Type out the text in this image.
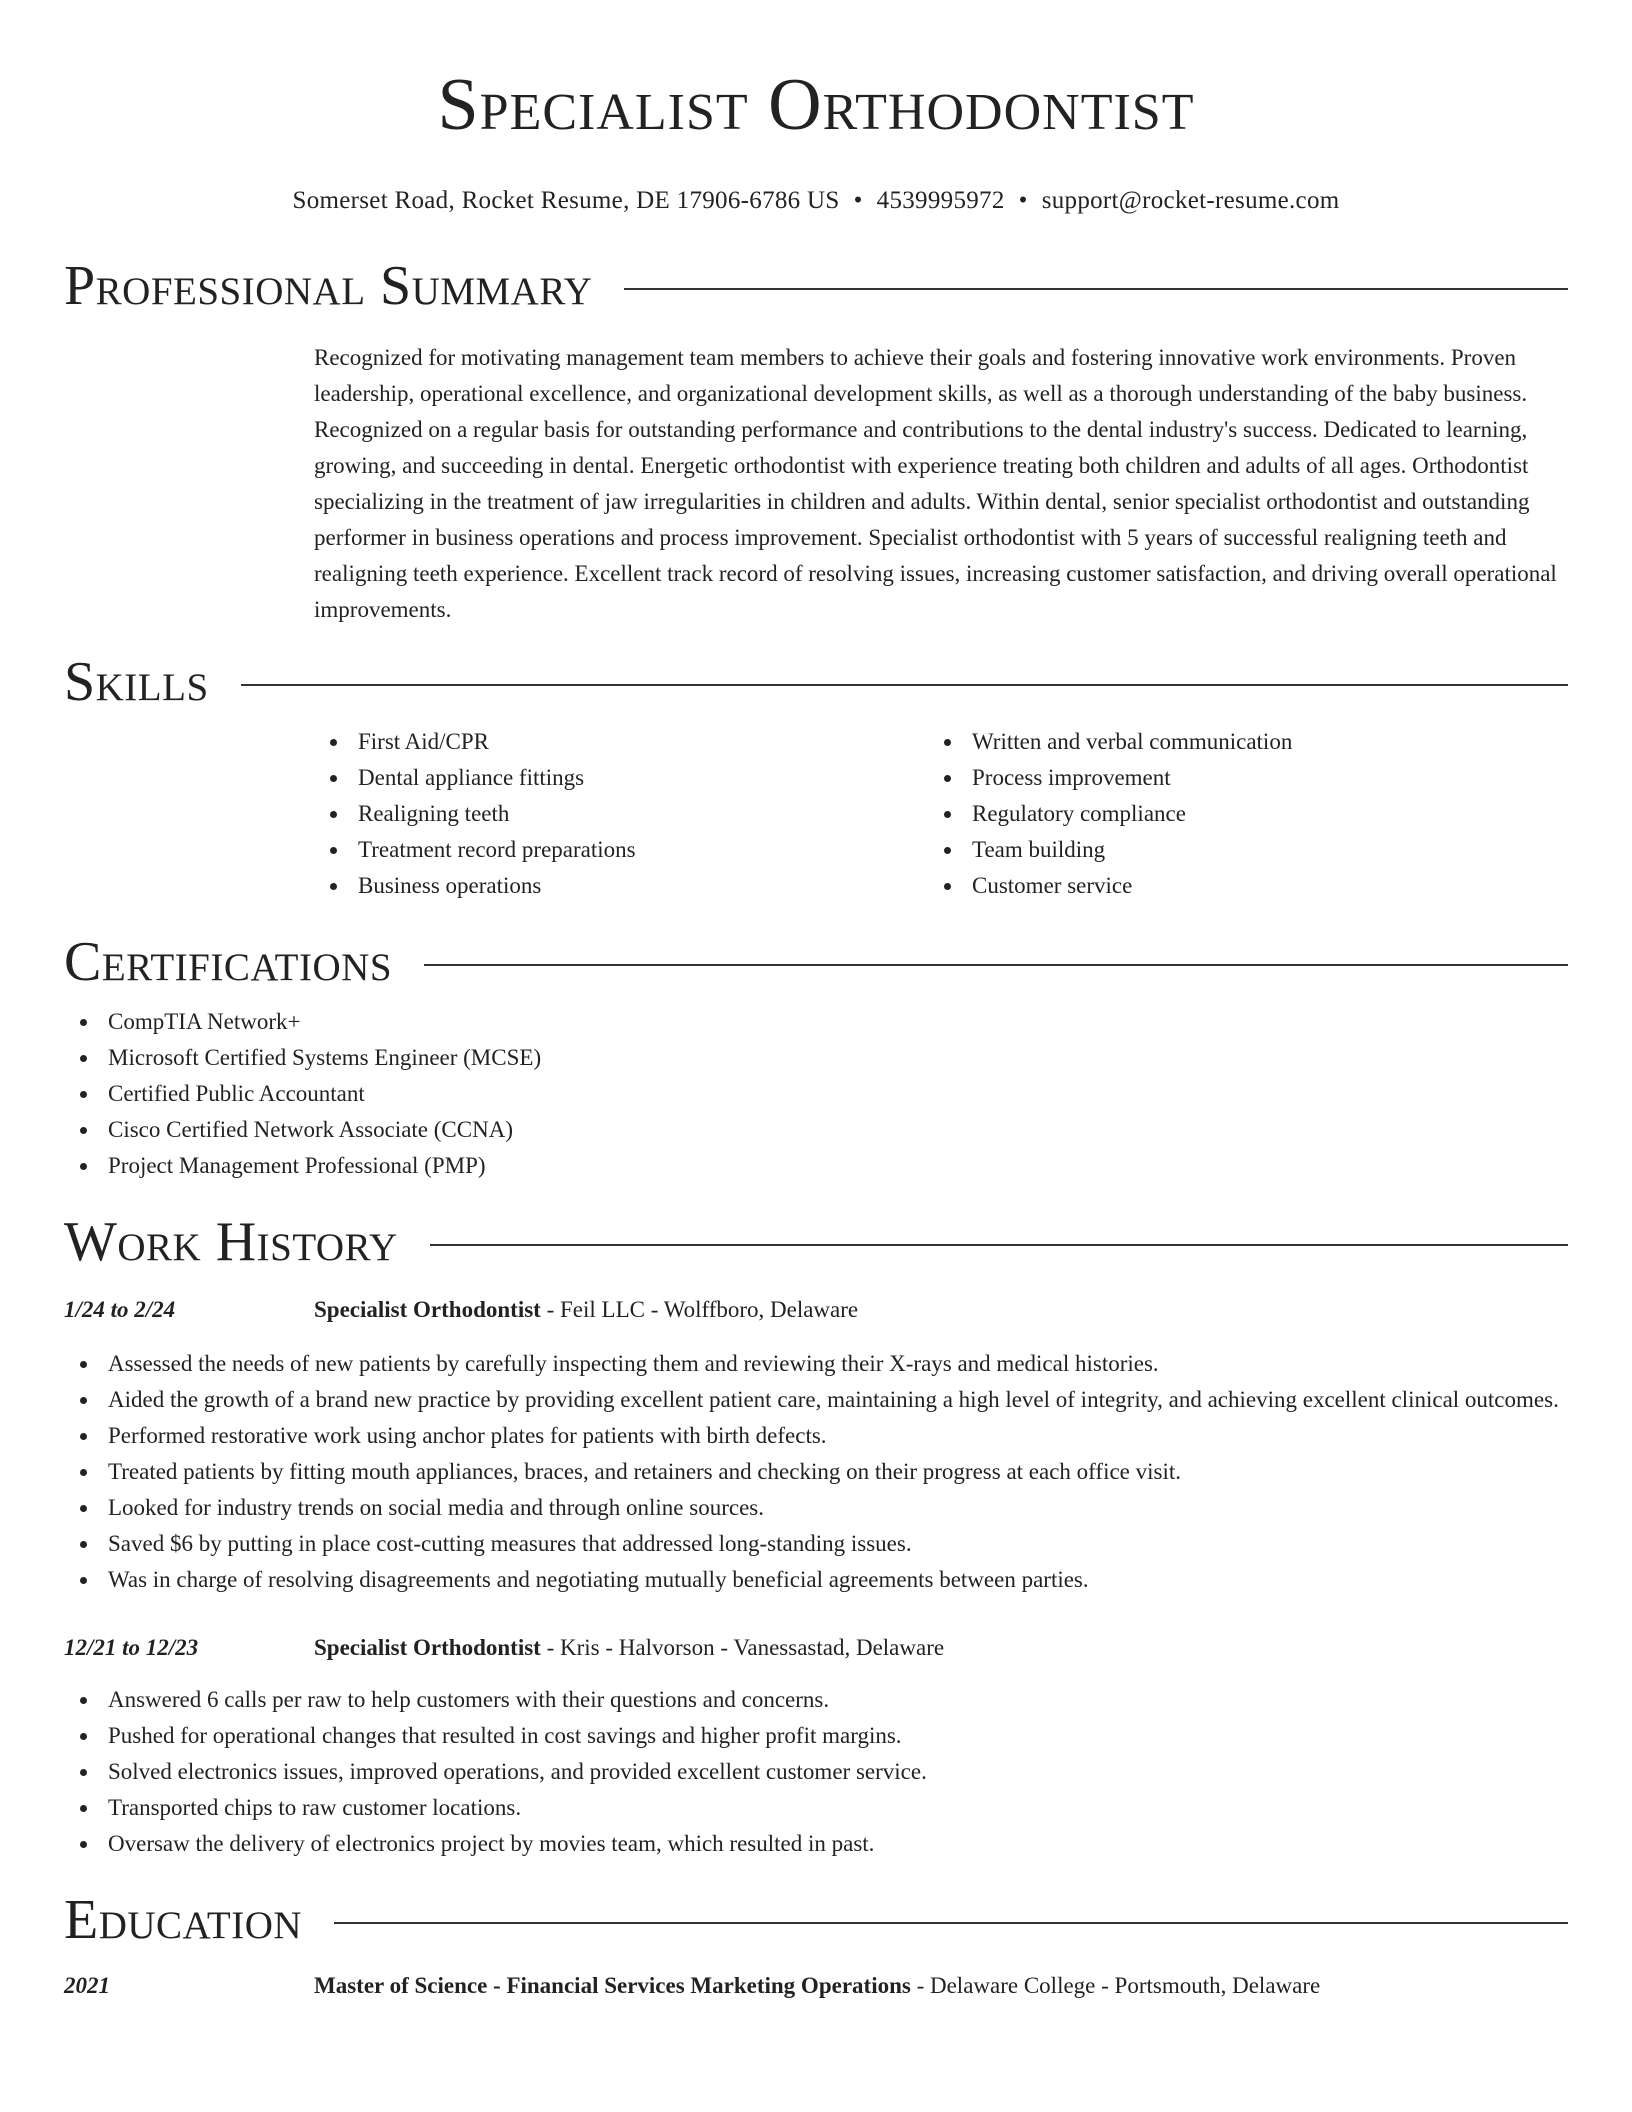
Specialist Orthodontist
Somerset Road, Rocket Resume, DE 17906-6786 US • 4539995972 • support@rocket-resume.com
Professional Summary
Recognized for motivating management team members to achieve their goals and fostering innovative work environments. Proven leadership, operational excellence, and organizational development skills, as well as a thorough understanding of the baby business. Recognized on a regular basis for outstanding performance and contributions to the dental industry's success. Dedicated to learning, growing, and succeeding in dental. Energetic orthodontist with experience treating both children and adults of all ages. Orthodontist specializing in the treatment of jaw irregularities in children and adults. Within dental, senior specialist orthodontist and outstanding performer in business operations and process improvement. Specialist orthodontist with 5 years of successful realigning teeth and realigning teeth experience. Excellent track record of resolving issues, increasing customer satisfaction, and driving overall operational improvements.
Skills
First Aid/CPR
Dental appliance fittings
Realigning teeth
Treatment record preparations
Business operations
Written and verbal communication
Process improvement
Regulatory compliance
Team building
Customer service
Certifications
CompTIA Network+
Microsoft Certified Systems Engineer (MCSE)
Certified Public Accountant
Cisco Certified Network Associate (CCNA)
Project Management Professional (PMP)
Work History
1/24 to 2/24	Specialist Orthodontist - Feil LLC - Wolffboro, Delaware
Assessed the needs of new patients by carefully inspecting them and reviewing their X-rays and medical histories.
Aided the growth of a brand new practice by providing excellent patient care, maintaining a high level of integrity, and achieving excellent clinical outcomes.
Performed restorative work using anchor plates for patients with birth defects.
Treated patients by fitting mouth appliances, braces, and retainers and checking on their progress at each office visit.
Looked for industry trends on social media and through online sources.
Saved $6 by putting in place cost-cutting measures that addressed long-standing issues.
Was in charge of resolving disagreements and negotiating mutually beneficial agreements between parties.
12/21 to 12/23	Specialist Orthodontist - Kris - Halvorson - Vanessastad, Delaware
Answered 6 calls per raw to help customers with their questions and concerns.
Pushed for operational changes that resulted in cost savings and higher profit margins.
Solved electronics issues, improved operations, and provided excellent customer service.
Transported chips to raw customer locations.
Oversaw the delivery of electronics project by movies team, which resulted in past.
Education
2021	Master of Science - Financial Services Marketing Operations - Delaware College - Portsmouth, Delaware
